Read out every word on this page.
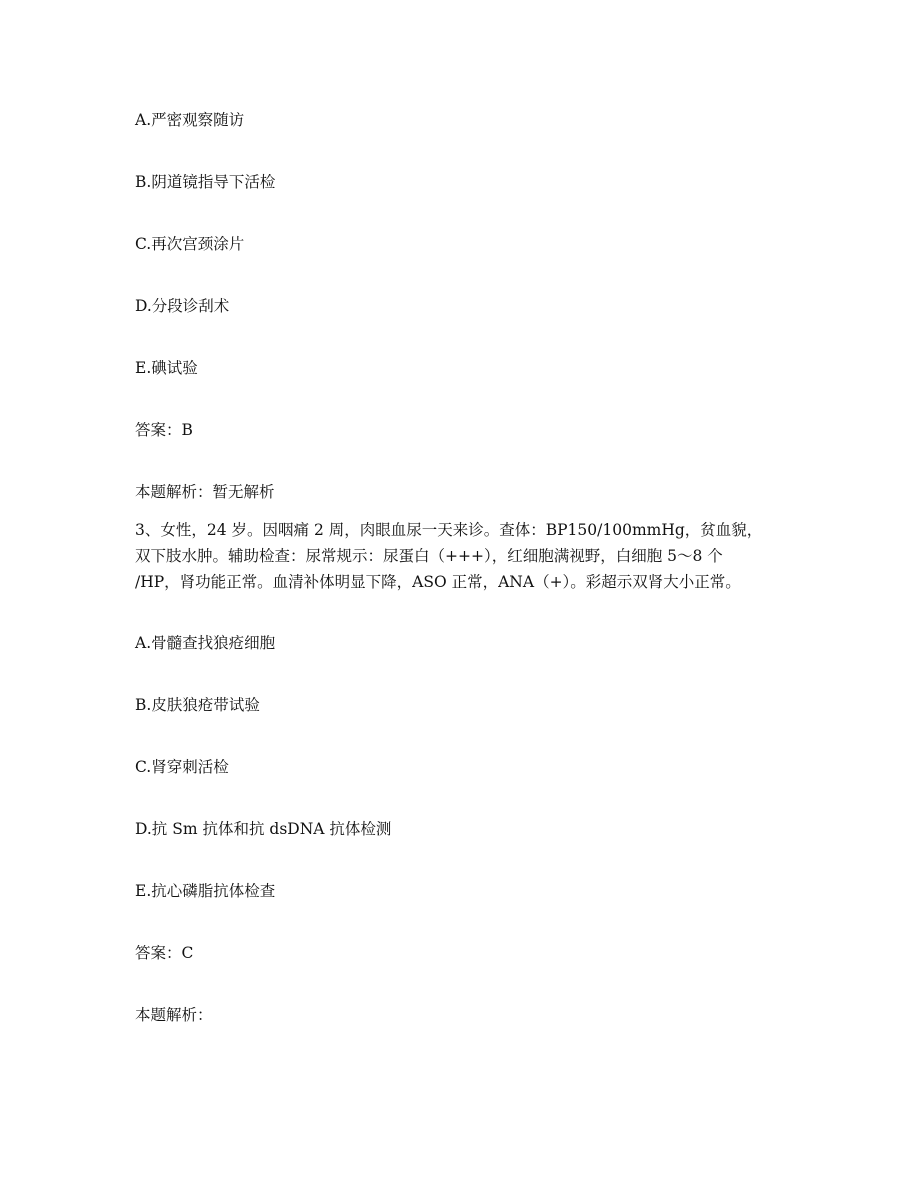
A.严密观察随访
B.阴道镜指导下活检
C.再次宫颈涂片
D.分段诊刮术
E.碘试验
答案：B
本题解析：暂无解析
3、女性，24 岁。因咽痛 2 周，肉眼血尿一天来诊。查体：BP150/100mmHg，贫血貌，
双下肢水肿。辅助检查：尿常规示：尿蛋白（+++），红细胞满视野，白细胞 5～8 个
/HP，肾功能正常。血清补体明显下降，ASO 正常，ANA（+）。彩超示双肾大小正常。
A.骨髓查找狼疮细胞
B.皮肤狼疮带试验
C.肾穿刺活检
D.抗 Sm 抗体和抗 dsDNA 抗体检测
E.抗心磷脂抗体检查
答案：C
本题解析：
